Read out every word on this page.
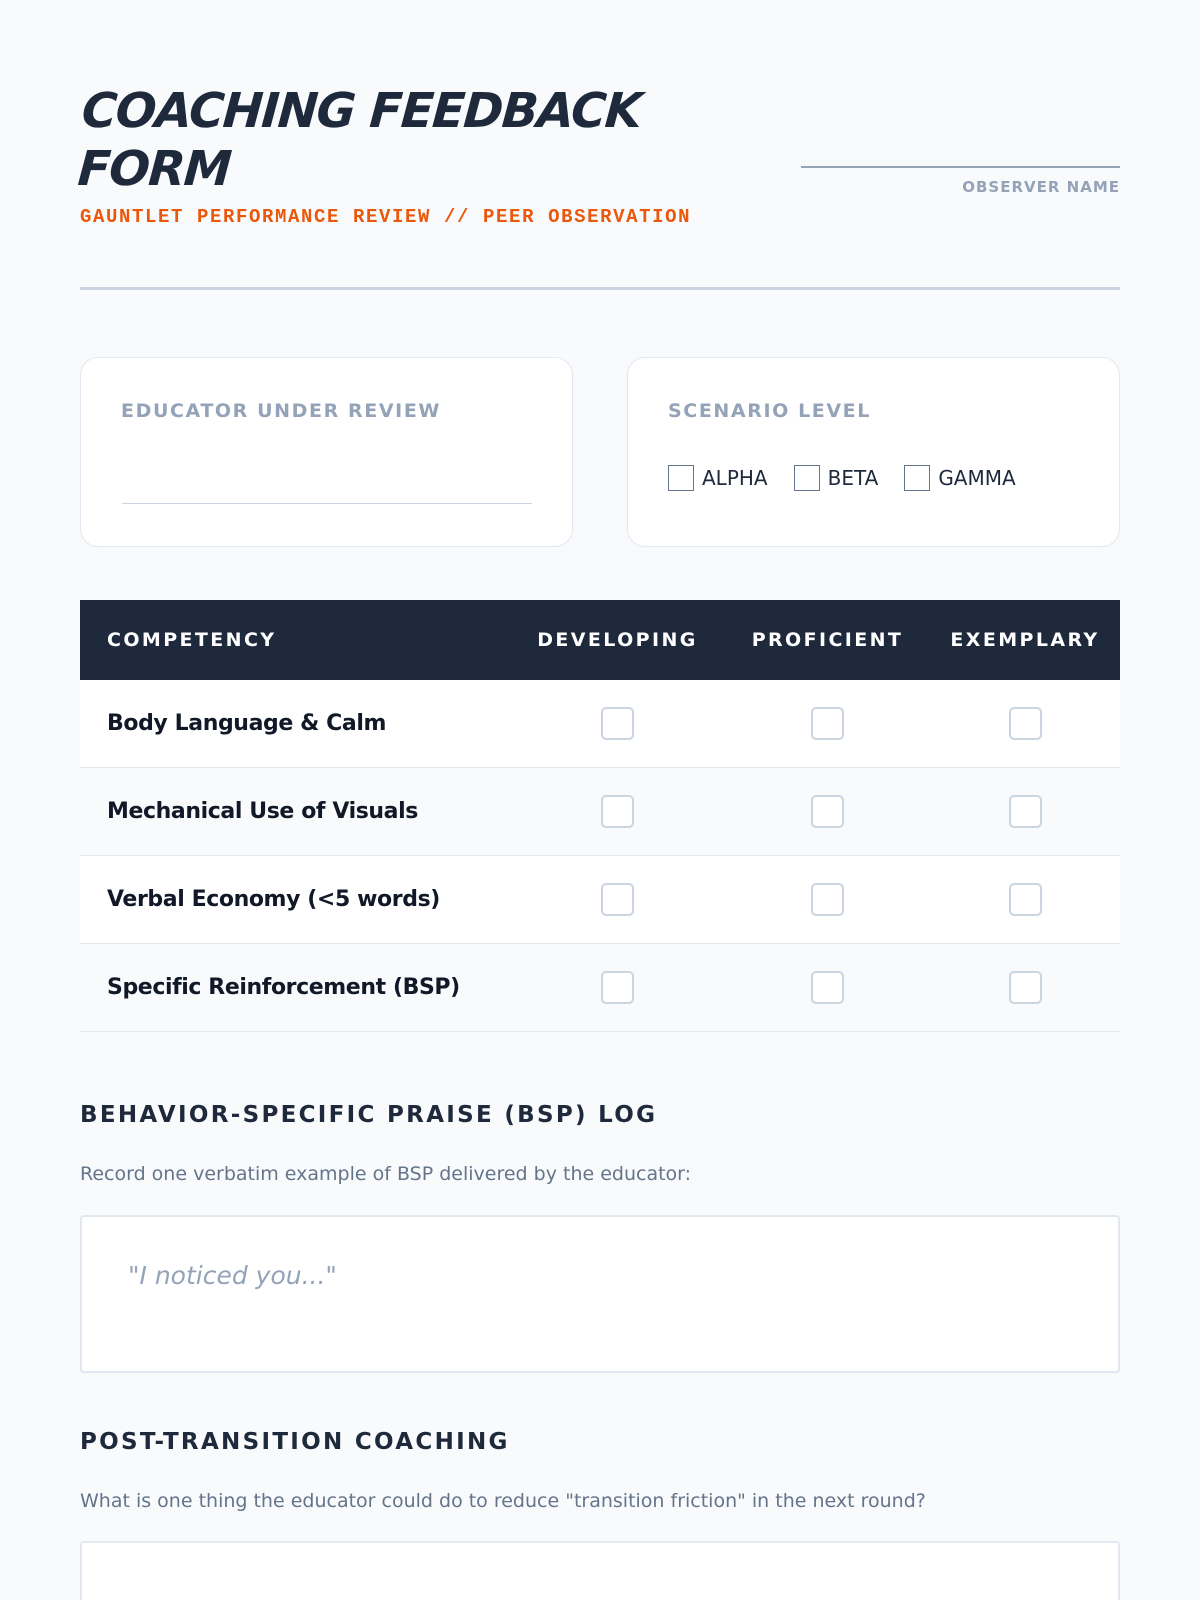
COACHING FEEDBACK FORM
GAUNTLET PERFORMANCE REVIEW // PEER OBSERVATION
OBSERVER NAME
EDUCATOR UNDER REVIEW	SCENARIO LEVEL
ALPHA	BETA	GAMMA
COMPETENCY	DEVELOPING	PROFICIENT	EXEMPLARY
Body Language & Calm
Mechanical Use of Visuals
Verbal Economy (<5 words)
Specific Reinforcement (BSP)
BEHAVIOR-SPECIFIC PRAISE (BSP) LOG
Record one verbatim example of BSP delivered by the educator:
"I noticed you..."
POST-TRANSITION COACHING
What is one thing the educator could do to reduce "transition friction" in the next round?
